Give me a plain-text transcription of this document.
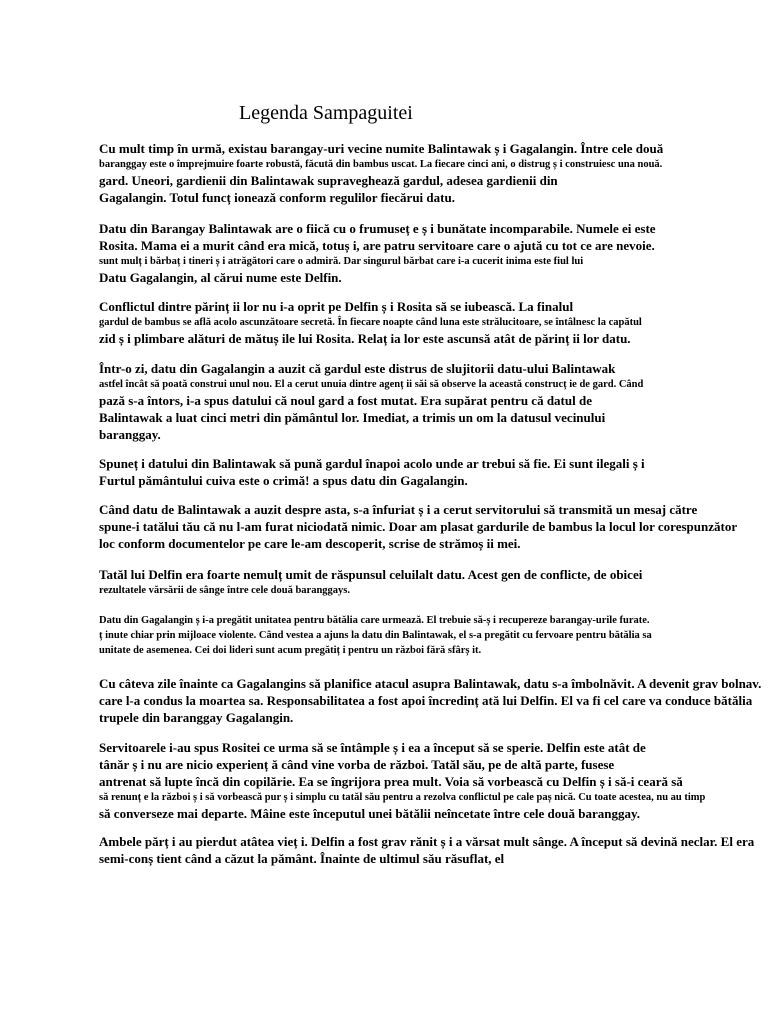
Legenda Sampaguitei
Cu mult timp în urmă, existau barangay-uri vecine numite Balintawak ș i Gagalangin. Între cele două
baranggay este o împrejmuire foarte robustă, făcută din bambus uscat. La fiecare cinci ani, o distrug ș i construiesc una nouă.
gard. Uneori, gardienii din Balintawak supraveghează gardul, adesea gardienii din
Gagalangin. Totul funcț ionează conform regulilor fiecărui datu.
Datu din Barangay Balintawak are o fiică cu o frumuseț e ș i bunătate incomparabile. Numele ei este
Rosita. Mama ei a murit când era mică, totuș i, are patru servitoare care o ajută cu tot ce are nevoie.
sunt mulț i bărbaț i tineri ș i atrăgători care o admiră. Dar singurul bărbat care i-a cucerit inima este fiul lui
Datu Gagalangin, al cărui nume este Delfin.
Conflictul dintre părinț ii lor nu i-a oprit pe Delfin ș i Rosita să se iubească. La finalul
gardul de bambus se află acolo ascunzătoare secretă. În fiecare noapte când luna este strălucitoare, se întâlnesc la capătul
zid ș i plimbare alături de mătuș ile lui Rosita. Relaț ia lor este ascunsă atât de părinț ii lor datu.
Într-o zi, datu din Gagalangin a auzit că gardul este distrus de slujitorii datu-ului Balintawak
astfel încât să poată construi unul nou. El a cerut unuia dintre agenț ii săi să observe la această construcț ie de gard. Când
pază s-a întors, i-a spus datului că noul gard a fost mutat. Era supărat pentru că datul de
Balintawak a luat cinci metri din pământul lor. Imediat, a trimis un om la datusul vecinului
baranggay.
Spuneț i datului din Balintawak să pună gardul înapoi acolo unde ar trebui să fie. Ei sunt ilegali ș i
Furtul pământului cuiva este o crimă! a spus datu din Gagalangin.
Când datu de Balintawak a auzit despre asta, s-a înfuriat ș i a cerut servitorului să transmită un mesaj către
spune-i tatălui tău că nu l-am furat niciodată nimic. Doar am plasat gardurile de bambus la locul lor corespunzător
loc conform documentelor pe care le-am descoperit, scrise de strămoș ii mei.
Tatăl lui Delfin era foarte nemulț umit de răspunsul celuilalt datu. Acest gen de conflicte, de obicei
rezultatele vărsării de sânge între cele două baranggays.
Datu din Gagalangin ș i-a pregătit unitatea pentru bătălia care urmează. El trebuie să-ș i recupereze barangay-urile furate.
ț inute chiar prin mijloace violente. Când vestea a ajuns la datu din Balintawak, el s-a pregătit cu fervoare pentru bătălia sa
unitate de asemenea. Cei doi lideri sunt acum pregătiț i pentru un război fără sfârș it.
Cu câteva zile înainte ca Gagalangins să planifice atacul asupra Balintawak, datu s-a îmbolnăvit. A devenit grav bolnav.
care l-a condus la moartea sa. Responsabilitatea a fost apoi încredinț ată lui Delfin. El va fi cel care va conduce bătălia
trupele din baranggay Gagalangin.
Servitoarele i-au spus Rositei ce urma să se întâmple ș i ea a început să se sperie. Delfin este atât de
tânăr ș i nu are nicio experienț ă când vine vorba de război. Tatăl său, pe de altă parte, fusese
antrenat să lupte încă din copilărie. Ea se îngrijora prea mult. Voia să vorbească cu Delfin ș i să-i ceară să
să renunț e la război ș i să vorbească pur ș i simplu cu tatăl său pentru a rezolva conflictul pe cale paș nică. Cu toate acestea, nu au timp
să converseze mai departe. Mâine este începutul unei bătălii neîncetate între cele două baranggay.
Ambele părț i au pierdut atâtea vieț i. Delfin a fost grav rănit ș i a vărsat mult sânge. A început să devină neclar. El era
semi-conș tient când a căzut la pământ. Înainte de ultimul său răsuflat, el
